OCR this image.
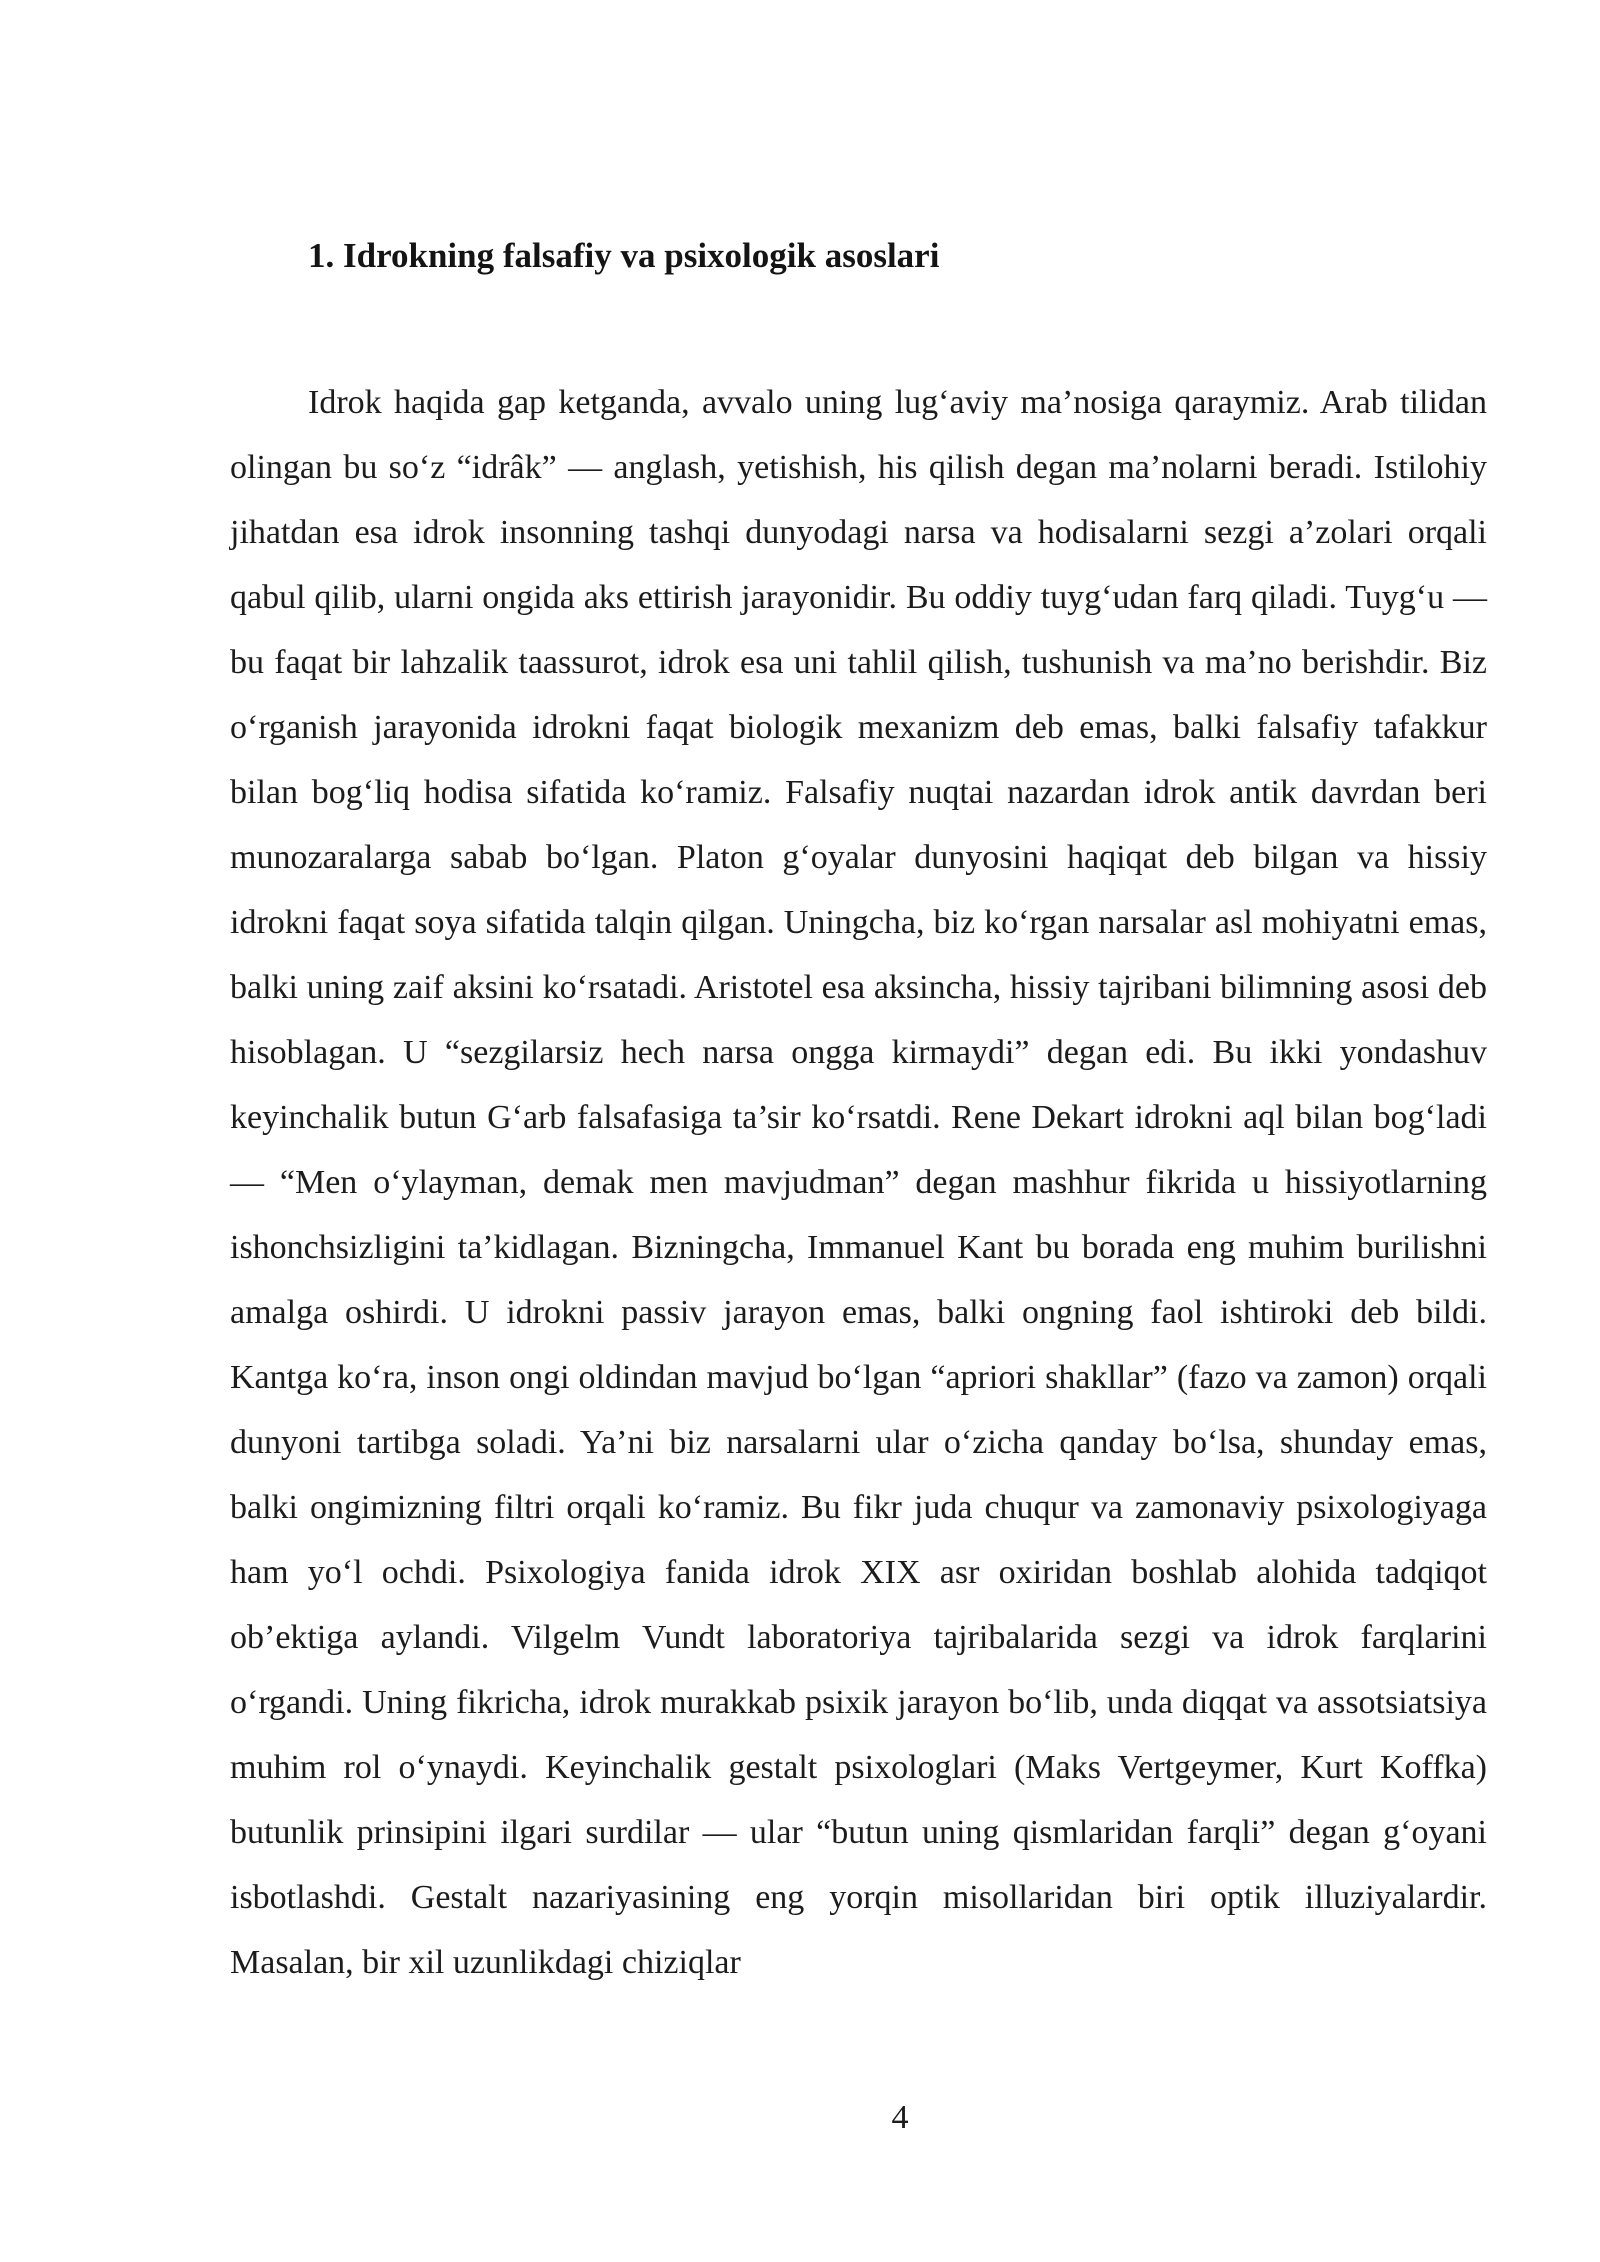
1. Idrokning falsafiy va psixologik asoslari

Idrok haqida gap ketganda, avvalo uning lug‘aviy ma’nosiga qaraymiz. Arab tilidan olingan bu so‘z “idrâk” — anglash, yetishish, his qilish degan ma’nolarni beradi. Istilohiy jihatdan esa idrok insonning tashqi dunyodagi narsa va hodisalarni sezgi a’zolari orqali qabul qilib, ularni ongida aks ettirish jarayonidir. Bu oddiy tuyg‘udan farq qiladi. Tuyg‘u — bu faqat bir lahzalik taassurot, idrok esa uni tahlil qilish, tushunish va ma’no berishdir. Biz o‘rganish jarayonida idrokni faqat biologik mexanizm deb emas, balki falsafiy tafakkur bilan bog‘liq hodisa sifatida ko‘ramiz. Falsafiy nuqtai nazardan idrok antik davrdan beri munozaralarga sabab bo‘lgan. Platon g‘oyalar dunyosini haqiqat deb bilgan va hissiy idrokni faqat soya sifatida talqin qilgan. Uningcha, biz ko‘rgan narsalar asl mohiyatni emas, balki uning zaif aksini ko‘rsatadi. Aristotel esa aksincha, hissiy tajribani bilimning asosi deb hisoblagan. U “sezgilarsiz hech narsa ongga kirmaydi” degan edi. Bu ikki yondashuv keyinchalik butun G‘arb falsafasiga ta’sir ko‘rsatdi. Rene Dekart idrokni aql bilan bog‘ladi — “Men o‘ylayman, demak men mavjudman” degan mashhur fikrida u hissiyotlarning ishonchsizligini ta’kidlagan. Bizningcha, Immanuel Kant bu borada eng muhim burilishni amalga oshirdi. U idrokni passiv jarayon emas, balki ongning faol ishtiroki deb bildi. Kantga ko‘ra, inson ongi oldindan mavjud bo‘lgan “apriori shakllar” (fazo va zamon) orqali dunyoni tartibga soladi. Ya’ni biz narsalarni ular o‘zicha qanday bo‘lsa, shunday emas, balki ongimizning filtri orqali ko‘ramiz. Bu fikr juda chuqur va zamonaviy psixologiyaga ham yo‘l ochdi. Psixologiya fanida idrok XIX asr oxiridan boshlab alohida tadqiqot ob’ektiga aylandi. Vilgelm Vundt laboratoriya tajribalarida sezgi va idrok farqlarini o‘rgandi. Uning fikricha, idrok murakkab psixik jarayon bo‘lib, unda diqqat va assotsiatsiya muhim rol o‘ynaydi. Keyinchalik gestalt psixologlari (Maks Vertgeymer, Kurt Koffka) butunlik prinsipini ilgari surdilar — ular “butun uning qismlaridan farqli” degan g‘oyani isbotlashdi. Gestalt nazariyasining eng yorqin misollaridan biri optik illuziyalardir. Masalan, bir xil uzunlikdagi chiziqlar

4
